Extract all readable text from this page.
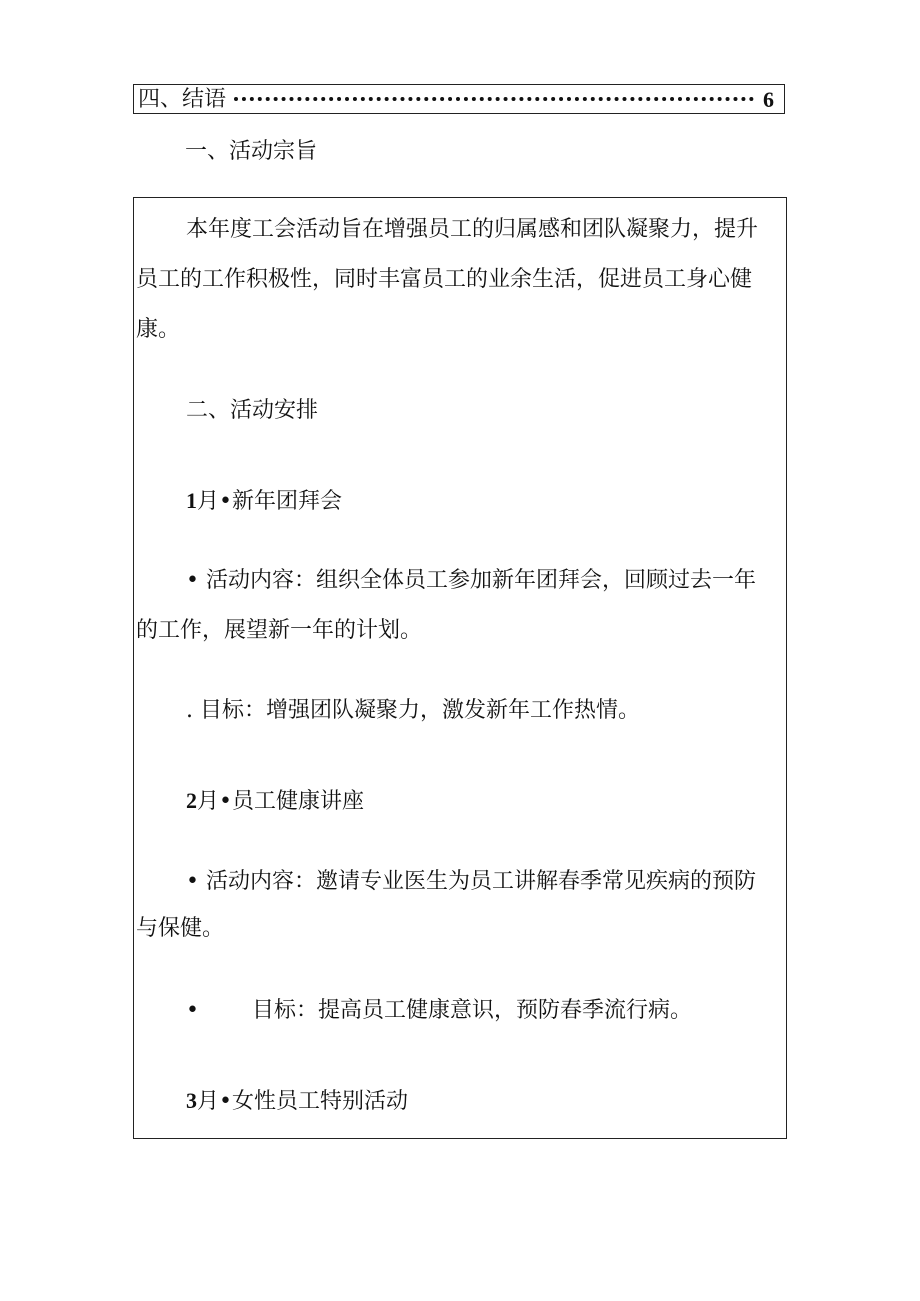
四、结语	6
一、活动宗旨

本年度工会活动旨在增强员工的归属感和团队凝聚力，提升

员工的工作积极性，同时丰富员工的业余生活，促进员工身心健

康。

二、活动安排

1月•新年团拜会

• 活动内容：组织全体员工参加新年团拜会，回顾过去一年

的工作，展望新一年的计划。

. 目标：增强团队凝聚力，激发新年工作热情。

2月•员工健康讲座

• 活动内容：邀请专业医生为员工讲解春季常见疾病的预防

与保健。

• 目标：提高员工健康意识，预防春季流行病。

3月•女性员工特别活动
